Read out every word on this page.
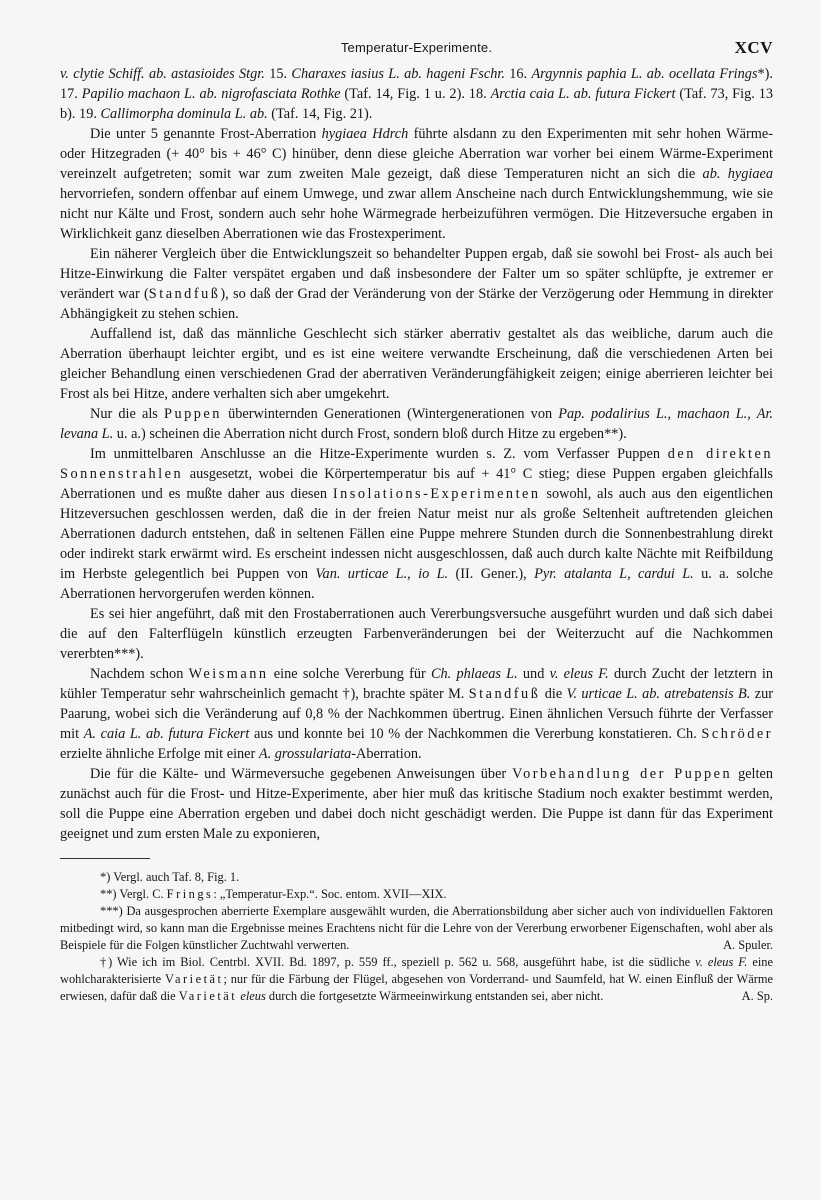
Temperatur-Experimente.	XCV

v. clytie Schiff. ab. astasioides Stgr. 15. Charaxes iasius L. ab. hageni Fschr. 16. Argynnis paphia L. ab. ocellata Frings*). 17. Papilio machaon L. ab. nigrofasciata Rothke (Taf. 14, Fig. 1 u. 2). 18. Arctia caia L. ab. futura Fickert (Taf. 73, Fig. 13 b). 19. Callimorpha dominula L. ab. (Taf. 14, Fig. 21).

Die unter 5 genannte Frost-Aberration hygiaea Hdrch führte alsdann zu den Experimenten mit sehr hohen Wärme- oder Hitzegraden (+ 40° bis + 46° C) hinüber, denn diese gleiche Aberration war vorher bei einem Wärme-Experiment vereinzelt aufgetreten; somit war zum zweiten Male gezeigt, daß diese Temperaturen nicht an sich die ab. hygiaea hervorriefen, sondern offenbar auf einem Umwege, und zwar allem Anscheine nach durch Entwicklungshemmung, wie sie nicht nur Kälte und Frost, sondern auch sehr hohe Wärmegrade herbeizuführen vermögen. Die Hitzeversuche ergaben in Wirklichkeit ganz dieselben Aberrationen wie das Frostexperiment.

Ein näherer Vergleich über die Entwicklungszeit so behandelter Puppen ergab, daß sie sowohl bei Frost- als auch bei Hitze-Einwirkung die Falter verspätet ergaben und daß insbesondere der Falter um so später schlüpfte, je extremer er verändert war (Standfuß), so daß der Grad der Veränderung von der Stärke der Verzögerung oder Hemmung in direkter Abhängigkeit zu stehen schien.

Auffallend ist, daß das männliche Geschlecht sich stärker aberrativ gestaltet als das weibliche, darum auch die Aberration überhaupt leichter ergibt, und es ist eine weitere verwandte Erscheinung, daß die verschiedenen Arten bei gleicher Behandlung einen verschiedenen Grad der aberrativen Veränderungfähigkeit zeigen; einige aberrieren leichter bei Frost als bei Hitze, andere verhalten sich aber umgekehrt.

Nur die als Puppen überwinternden Generationen (Wintergenerationen von Pap. podalirius L., machaon L., Ar. levana L. u. a.) scheinen die Aberration nicht durch Frost, sondern bloß durch Hitze zu ergeben**).

Im unmittelbaren Anschlusse an die Hitze-Experimente wurden s. Z. vom Verfasser Puppen den direkten Sonnenstrahlen ausgesetzt, wobei die Körpertemperatur bis auf + 41° C stieg; diese Puppen ergaben gleichfalls Aberrationen und es mußte daher aus diesen Insolations-Experimenten sowohl, als auch aus den eigentlichen Hitzeversuchen geschlossen werden, daß die in der freien Natur meist nur als große Seltenheit auftretenden gleichen Aberrationen dadurch entstehen, daß in seltenen Fällen eine Puppe mehrere Stunden durch die Sonnenbestrahlung direkt oder indirekt stark erwärmt wird. Es erscheint indessen nicht ausgeschlossen, daß auch durch kalte Nächte mit Reifbildung im Herbste gelegentlich bei Puppen von Van. urticae L., io L. (II. Gener.), Pyr. atalanta L, cardui L. u. a. solche Aberrationen hervorgerufen werden können.

Es sei hier angeführt, daß mit den Frostaberrationen auch Vererbungsversuche ausgeführt wurden und daß sich dabei die auf den Falterflügeln künstlich erzeugten Farbenveränderungen bei der Weiterzucht auf die Nachkommen vererbten***).

Nachdem schon Weismann eine solche Vererbung für Ch. phlaeas L. und v. eleus F. durch Zucht der letztern in kühler Temperatur sehr wahrscheinlich gemacht †), brachte später M. Standfuß die V. urticae L. ab. atrebatensis B. zur Paarung, wobei sich die Veränderung auf 0,8 % der Nachkommen übertrug. Einen ähnlichen Versuch führte der Verfasser mit A. caia L. ab. futura Fickert aus und konnte bei 10 % der Nachkommen die Vererbung konstatieren. Ch. Schröder erzielte ähnliche Erfolge mit einer A. grossulariata-Aberration.

Die für die Kälte- und Wärmeversuche gegebenen Anweisungen über Vorbehandlung der Puppen gelten zunächst auch für die Frost- und Hitze-Experimente, aber hier muß das kritische Stadium noch exakter bestimmt werden, soll die Puppe eine Aberration ergeben und dabei doch nicht geschädigt werden. Die Puppe ist dann für das Experiment geeignet und zum ersten Male zu exponieren,

*) Vergl. auch Taf. 8, Fig. 1.

**) Vergl. C. Frings: „Temperatur-Exp.“. Soc. entom. XVII—XIX.

***) Da ausgesprochen aberrierte Exemplare ausgewählt wurden, die Aberrationsbildung aber sicher auch von individuellen Faktoren mitbedingt wird, so kann man die Ergebnisse meines Erachtens nicht für die Lehre von der Vererbung erworbener Eigenschaften, wohl aber als Beispiele für die Folgen künstlicher Zuchtwahl verwerten.	A. Spuler.

†) Wie ich im Biol. Centrbl. XVII. Bd. 1897, p. 559 ff., speziell p. 562 u. 568, ausgeführt habe, ist die südliche v. eleus F. eine wohlcharakterisierte Varietät; nur für die Färbung der Flügel, abgesehen von Vorderrand- und Saumfeld, hat W. einen Einfluß der Wärme erwiesen, dafür daß die Varietät eleus durch die fortgesetzte Wärmeeinwirkung entstanden sei, aber nicht.	A. Sp.
